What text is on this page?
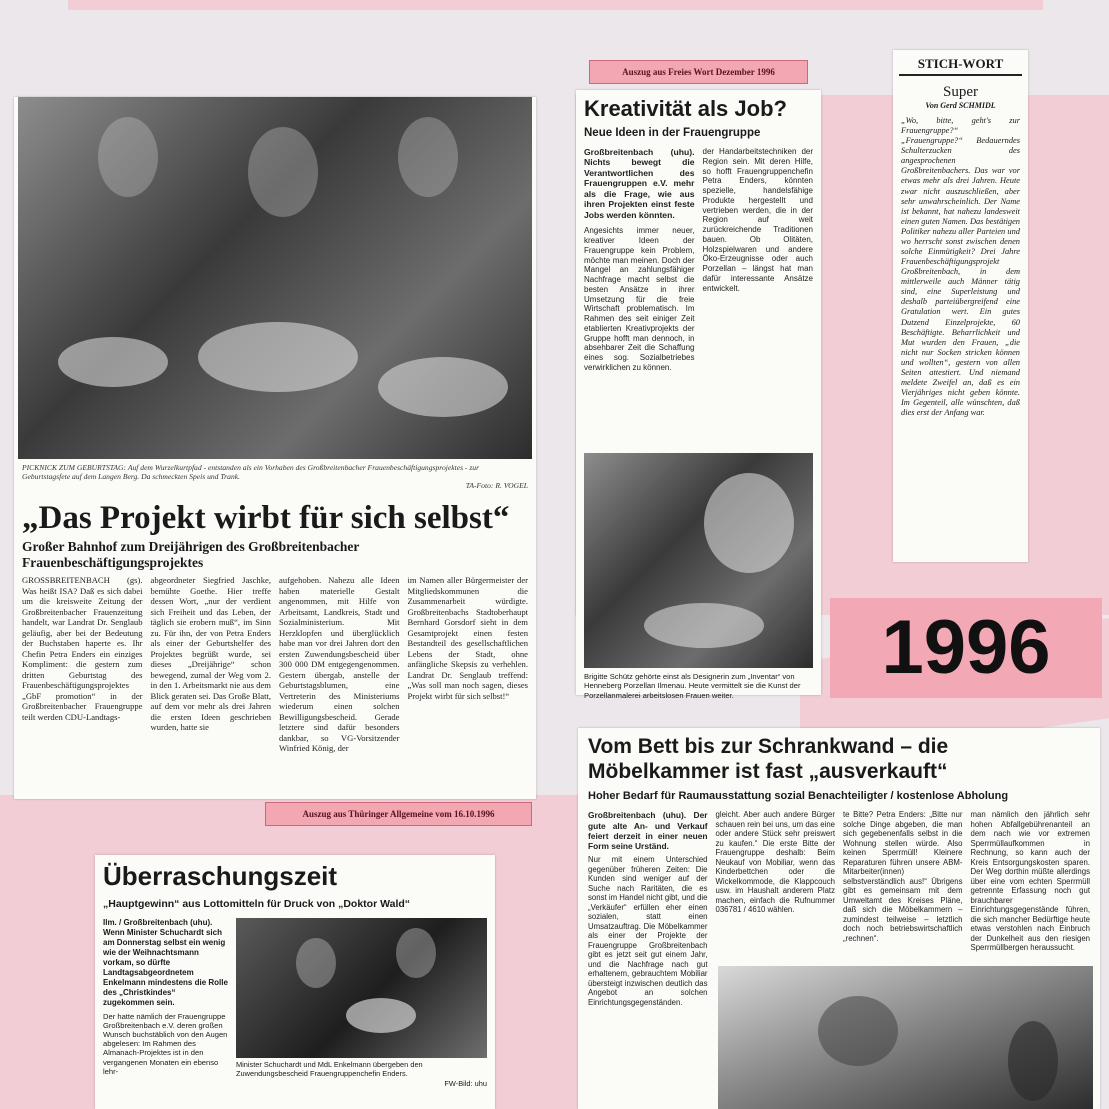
Auszug aus Freies Wort Dezember 1996
PICKNICK ZUM GEBURTSTAG: Auf dem Wurzelkurtpfad - entstanden als ein Vorhaben des Großbreitenbacher Frauenbeschäftigungsprojektes - zur Geburtstagsfete auf dem Langen Berg. Da schmeckten Speis und Trank.
TA-Foto: R. VOGEL
„Das Projekt wirbt für sich selbst“
Großer Bahnhof zum Dreijährigen des Großbreitenbacher Frauenbeschäftigungsprojektes

GROSSBREITENBACH (gs). Was heißt ISA? Daß es sich dabei um die kreisweite Zeitung der Großbreitenbacher Frauenzeitung handelt, war Landrat Dr. Senglaub geläufig, aber bei der Bedeutung der Buchstaben haperte es. Ihr Chefin Petra Enders ein einziges Kompliment: die gestern zum dritten Geburtstag des Frauenbeschäftigungsprojektes „GbF promotion“ in der Großbreitenbacher Frauengruppe teilt werden CDU-Landtags-

abgeordneter Siegfried Jaschke, bemühte Goethe. Hier treffe dessen Wort, „nur der verdient sich Freiheit und das Leben, der täglich sie erobern muß“, im Sinn zu. Für ihn, der von Petra Enders als einer der Geburtshelfer des Projektes begrüßt wurde, sei dieses „Dreijährige“ schon bewegend, zumal der Weg vom 2. in den 1. Arbeitsmarkt nie aus dem Blick geraten sei. Das Große Blatt, auf dem vor mehr als drei Jahren die ersten Ideen geschrieben wurden, hatte sie

aufgehoben. Nahezu alle Ideen haben materielle Gestalt angenommen, mit Hilfe von Arbeitsamt, Landkreis, Stadt und Sozialministerium. Mit Herzklopfen und überglücklich habe man vor drei Jahren dort den ersten Zuwendungsbescheid über 300 000 DM entgegengenommen. Gestern übergab, anstelle der Geburtstagsblumen, eine Vertreterin des Ministeriums wiederum einen solchen Bewilligungsbescheid. Gerade letztere sind dafür besonders dankbar, so VG-Vorsitzender Winfried König, der

im Namen aller Bürgermeister der Mitgliedskommunen die Zusammenarbeit würdigte. Großbreitenbachs Stadtoberhaupt Bernhard Gorsdorf sieht in dem Gesamtprojekt einen festen Bestandteil des gesellschaftlichen Lebens der Stadt, ohne anfängliche Skepsis zu verhehlen. Landrat Dr. Senglaub treffend: „Was soll man noch sagen, dieses Projekt wirbt für sich selbst!“

Auszug aus Thüringer Allgemeine vom 16.10.1996
Kreativität als Job?
Neue Ideen in der Frauengruppe

Großbreitenbach (uhu). Nichts bewegt die Verantwortlichen des Frauengruppen e.V. mehr als die Frage, wie aus ihren Projekten einst feste Jobs werden könnten.

Angesichts immer neuer, kreativer Ideen der Frauengruppe kein Problem, möchte man meinen. Doch der Mangel an zahlungsfähiger Nachfrage macht selbst die besten Ansätze in ihrer Umsetzung für die freie Wirtschaft problematisch. Im Rahmen des seit einiger Zeit etablierten Kreativprojekts der Gruppe hofft man dennoch, in absehbarer Zeit die Schaffung eines sog. Sozialbetriebes verwirklichen zu können.

der Handarbeitstechniken der Region sein. Mit deren Hilfe, so hofft Frauengruppenchefin Petra Enders, könnten spezielle, handelsfähige Produkte hergestellt und vertrieben werden, die in der Region auf weit zurückreichende Traditionen bauen. Ob Olitäten, Holzspielwaren und andere Öko-Erzeugnisse oder auch Porzellan – längst hat man dafür interessante Ansätze entwickelt.

Brigitte Schütz gehörte einst als Designerin zum „Inventar“ von Henneberg Porzellan Ilmenau. Heute vermittelt sie die Kunst der Porzellanmalerei arbeitslosen Frauen weiter.

STICH-WORT
Super
Von Gerd SCHMIDL

„Wo, bitte, geht's zur Frauengruppe?“ „Frauengruppe?“ Bedauerndes Schulterzucken des angesprochenen Großbreitenbachers. Das war vor etwas mehr als drei Jahren. Heute zwar nicht auszuschließen, aber sehr unwahrscheinlich. Der Name ist bekannt, hat nahezu landesweit einen guten Namen. Das bestätigen Politiker nahezu aller Parteien und wo herrscht sonst zwischen denen solche Einmütigkeit? Drei Jahre Frauenbeschäftigungsprojekt Großbreitenbach, in dem mittlerweile auch Männer tätig sind, eine Superleistung und deshalb parteiübergreifend eine Gratulation wert. Ein gutes Dutzend Einzelprojekte, 60 Beschäftigte. Beharrlichkeit und Mut wurden den Frauen, „die nicht nur Socken stricken können und wollten“, gestern von allen Seiten attestiert. Und niemand meldete Zweifel an, daß es ein Vierjähriges nicht geben könnte. Im Gegenteil, alle wünschten, daß dies erst der Anfang war.

1996
Vom Bett bis zur Schrankwand – die Möbelkammer ist fast „ausverkauft“
Hoher Bedarf für Raumausstattung sozial Benachteiligter / kostenlose Abholung

Großbreitenbach (uhu). Der gute alte An- und Verkauf feiert derzeit in einer neuen Form seine Urständ.

Nur mit einem Unterschied gegenüber früheren Zeiten: Die Kunden sind weniger auf der Suche nach Raritäten, die es sonst im Handel nicht gibt, und die „Verkäufer“ erfüllen eher einen sozialen, statt einen Umsatzauftrag. Die Möbelkammer als einer der Projekte der Frauengruppe Großbreitenbach gibt es jetzt seit gut einem Jahr, und die Nachfrage nach gut erhaltenem, gebrauchtem Mobiliar übersteigt inzwischen deutlich das Angebot an solchen Einrichtungsgegenständen.

gleicht. Aber auch andere Bürger schauen rein bei uns, um das eine oder andere Stück sehr preiswert zu kaufen.“ Die erste Bitte der Frauengruppe deshalb: Beim Neukauf von Mobiliar, wenn das Kinderbettchen oder die Wickelkommode, die Klappcouch usw. im Haushalt anderem Platz machen, einfach die Rufnummer 036781 / 4610 wählen.

te Bitte? Petra Enders: „Bitte nur solche Dinge abgeben, die man sich gegebenenfalls selbst in die Wohnung stellen würde. Also keinen Sperrmüll! Kleinere Reparaturen führen unsere ABM-Mitarbeiter(innen) selbstverständlich aus!“ Übrigens gibt es gemeinsam mit dem Umweltamt des Kreises Pläne, daß sich die Möbelkammern – zumindest teilweise – letztlich doch noch betriebswirtschaftlich „rechnen“.

man nämlich den jährlich sehr hohen Abfallgebührenanteil an dem nach wie vor extremen Sperrmüllaufkommen in Rechnung, so kann auch der Kreis Entsorgungskosten sparen. Der Weg dorthin müßte allerdings über eine vom echten Sperrmüll getrennte Erfassung noch gut brauchbarer Einrichtungsgegenstände führen, die sich mancher Bedürftige heute etwas verstohlen nach Einbruch der Dunkelheit aus den riesigen Sperrmüllbergen heraussucht.

Überraschungszeit
„Hauptgewinn“ aus Lottomitteln für Druck von „Doktor Wald“

Ilm. / Großbreitenbach (uhu). Wenn Minister Schuchardt sich am Donnerstag selbst ein wenig wie der Weihnachtsmann vorkam, so dürfte Landtagsabgeordnetem Enkelmann mindestens die Rolle des „Christkindes“ zugekommen sein.

Der hatte nämlich der Frauengruppe Großbreitenbach e.V. deren großen Wunsch buchstäblich von den Augen abgelesen: Im Rahmen des Almanach-Projektes ist in den vergangenen Monaten ein ebenso lehr-

Minister Schuchardt und MdL Enkelmann übergeben den Zuwendungsbescheid Frauengruppenchefin Enders.

FW-Bild: uhu
